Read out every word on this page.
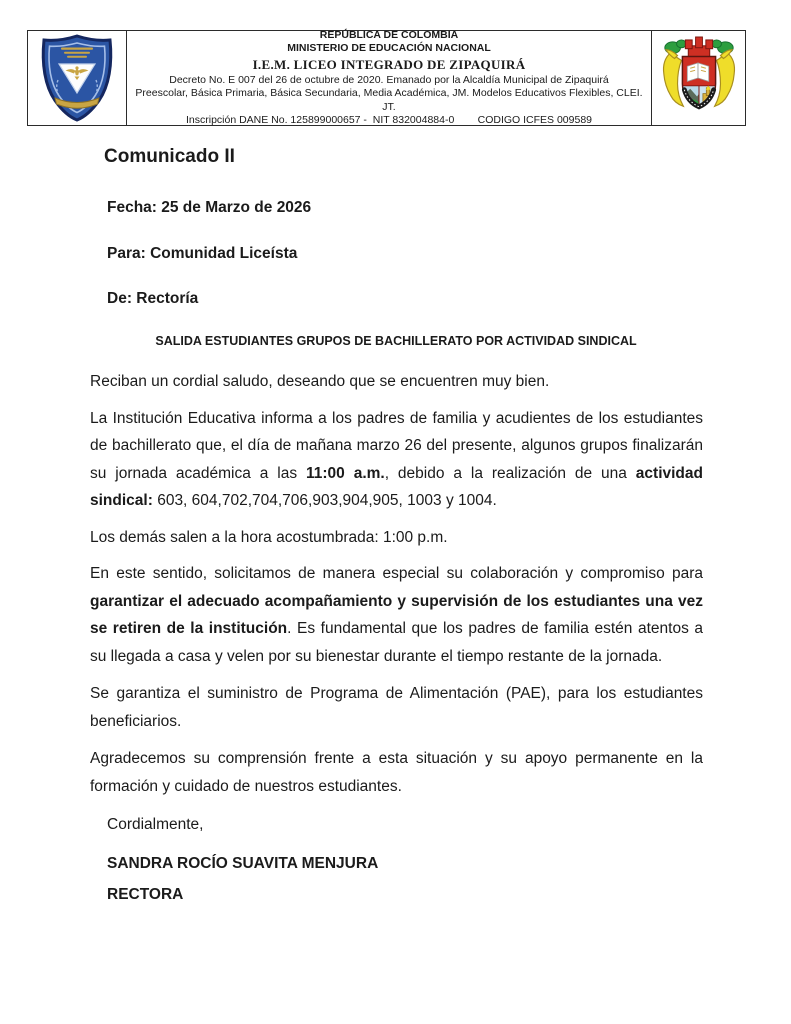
REPÚBLICA DE COLOMBIA
MINISTERIO DE EDUCACIÓN NACIONAL
I.E.M. LICEO INTEGRADO DE ZIPAQUIRÁ
Decreto No. E 007 del 26 de octubre de 2020. Emanado por la Alcaldía Municipal de Zipaquirá
Preescolar, Básica Primaria, Básica Secundaria, Media Académica, JM. Modelos Educativos Flexibles, CLEI. JT.
Inscripción DANE No. 125899000657 -  NIT 832004884-0        CODIGO ICFES 009589
Comunicado II

Fecha: 25 de Marzo de 2026

Para: Comunidad Liceísta

De: Rectoría

SALIDA ESTUDIANTES GRUPOS DE BACHILLERATO POR ACTIVIDAD SINDICAL

Reciban un cordial saludo, deseando que se encuentren muy bien.

La Institución Educativa informa a los padres de familia y acudientes de los estudiantes de bachillerato que, el día de mañana marzo 26 del presente, algunos grupos finalizarán su jornada académica a las 11:00 a.m., debido a la realización de una actividad sindical: 603, 604,702,704,706,903,904,905, 1003 y 1004.

Los demás salen a la hora acostumbrada: 1:00 p.m.

En este sentido, solicitamos de manera especial su colaboración y compromiso para garantizar el adecuado acompañamiento y supervisión de los estudiantes una vez se retiren de la institución. Es fundamental que los padres de familia estén atentos a su llegada a casa y velen por su bienestar durante el tiempo restante de la jornada.

Se garantiza el suministro de Programa de Alimentación (PAE), para los estudiantes beneficiarios.

Agradecemos su comprensión frente a esta situación y su apoyo permanente en la formación y cuidado de nuestros estudiantes.

Cordialmente,

SANDRA ROCÍO SUAVITA MENJURA

RECTORA
